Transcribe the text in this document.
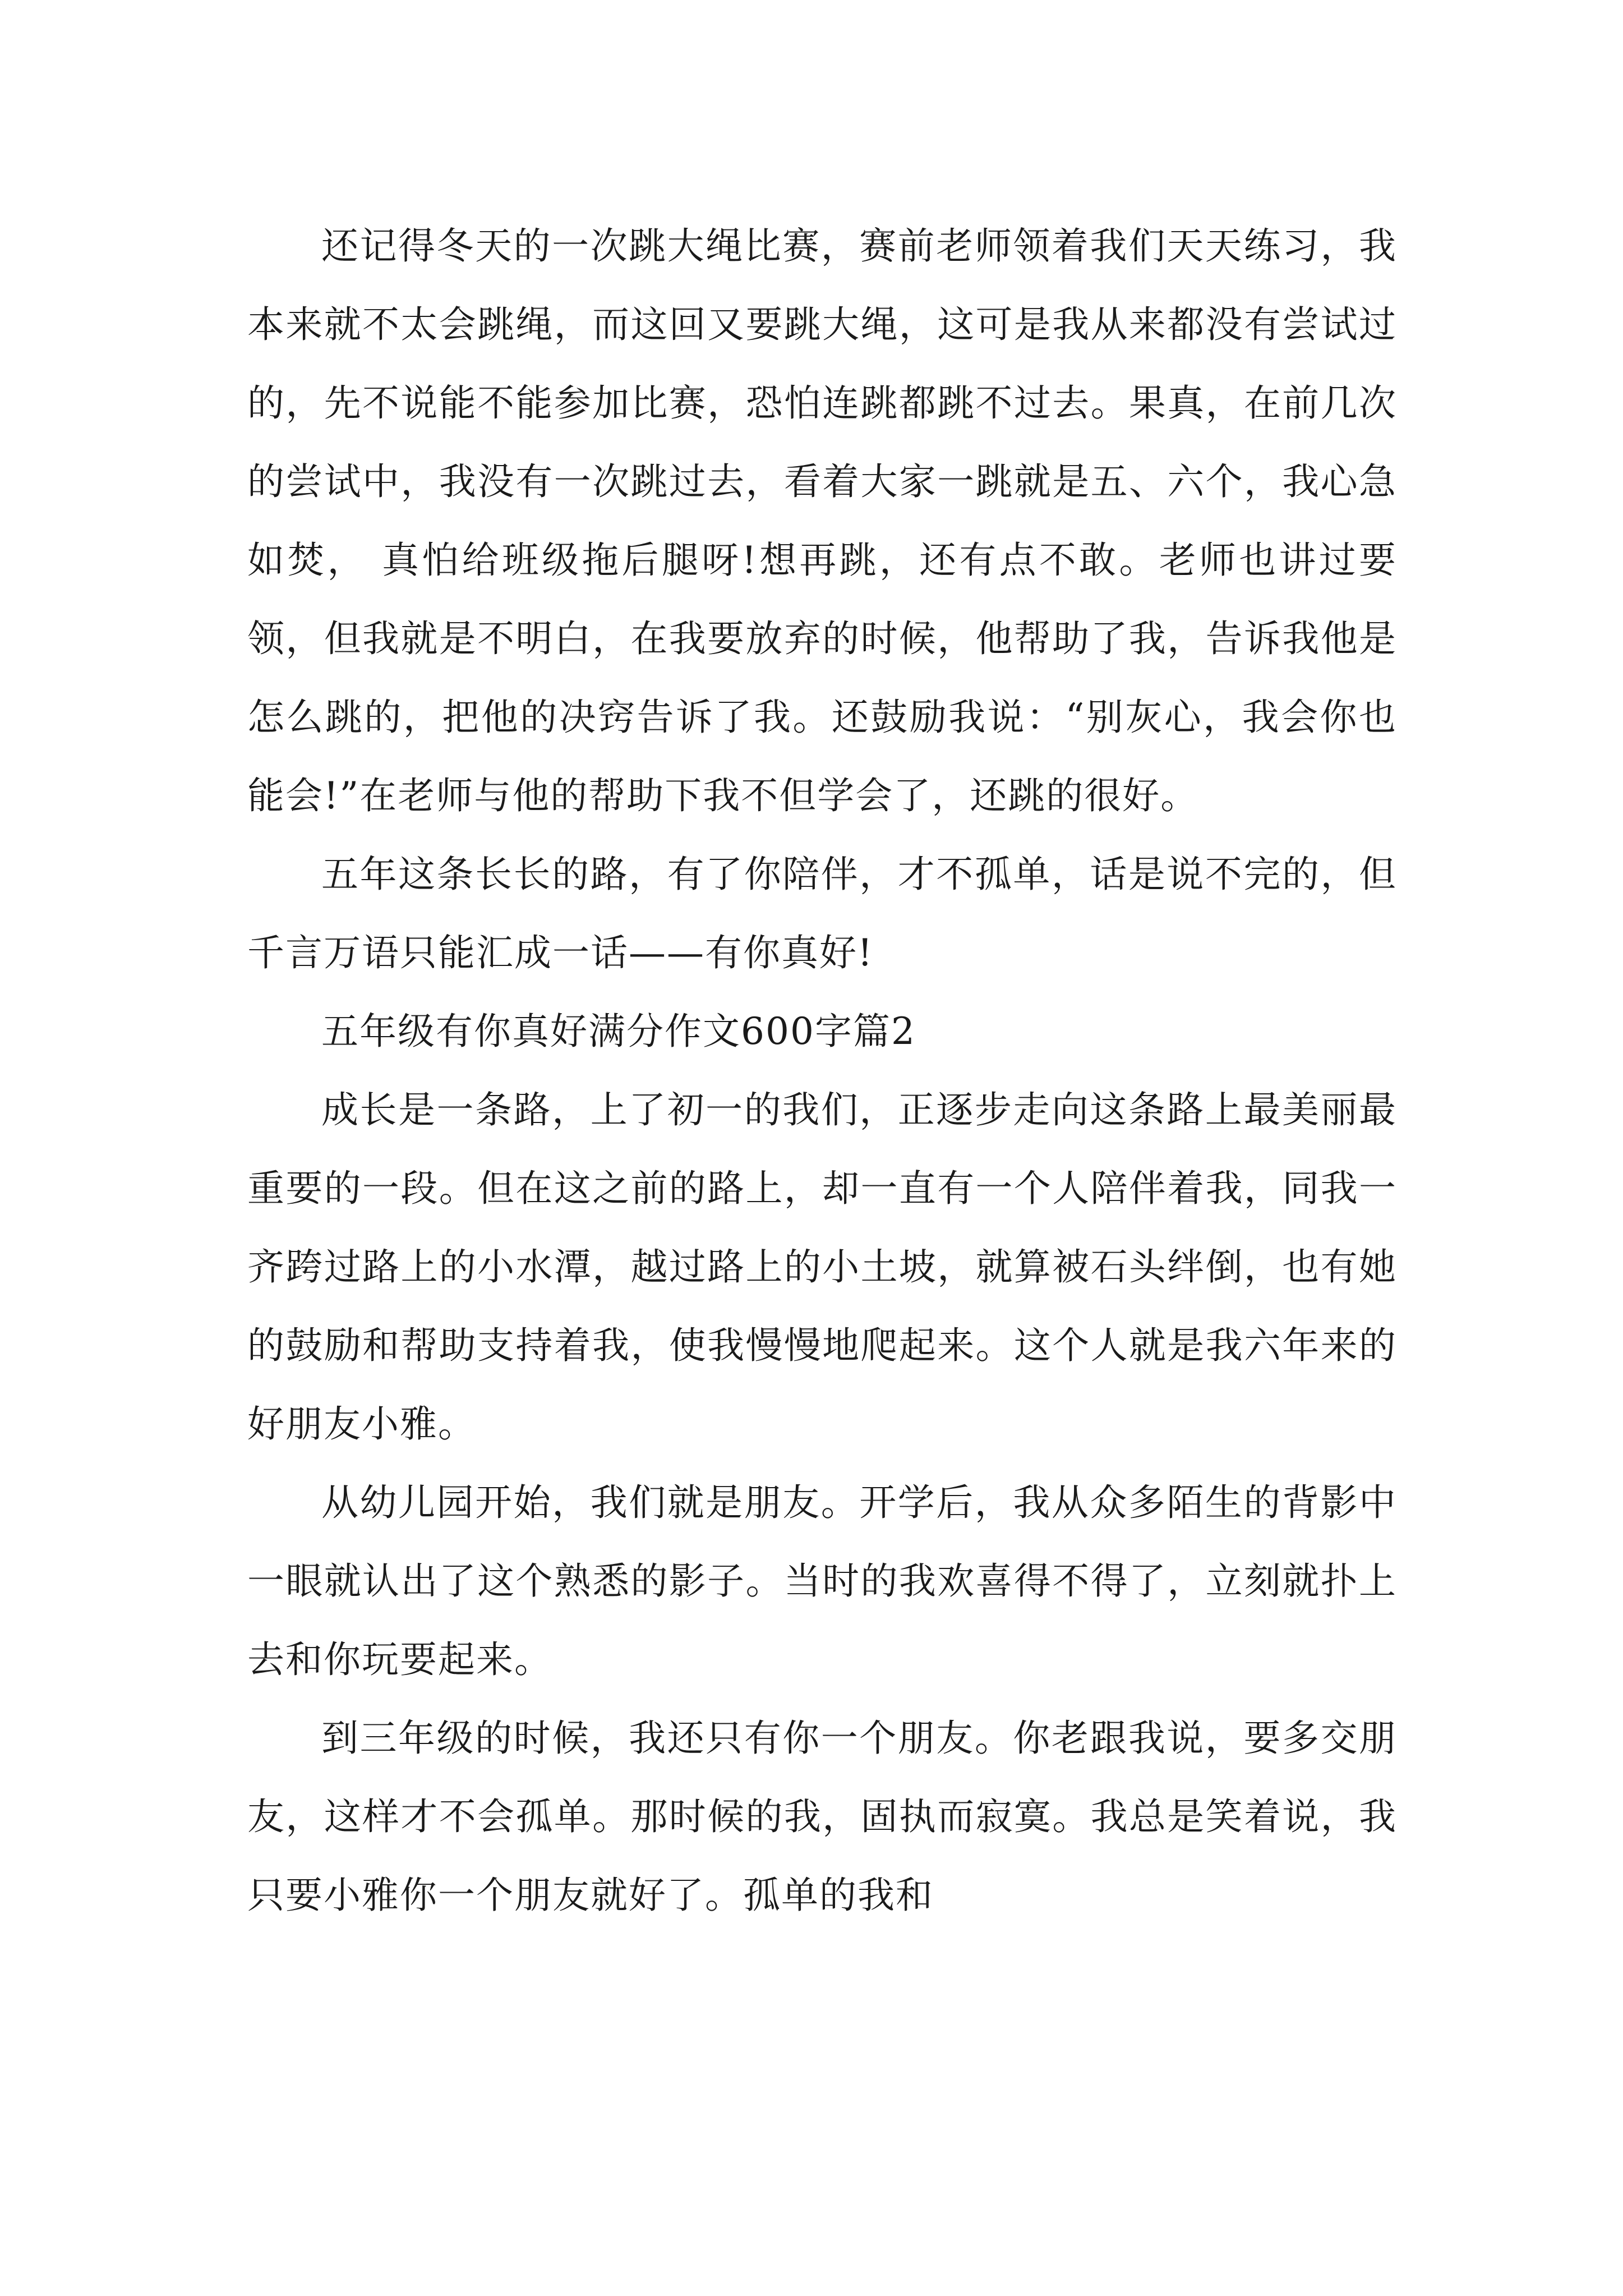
还记得冬天的一次跳大绳比赛，赛前老师领着我们天天练习，我本来就不太会跳绳，而这回又要跳大绳，这可是我从来都没有尝试过的，先不说能不能参加比赛，恐怕连跳都跳不过去。果真，在前几次的尝试中，我没有一次跳过去，看着大家一跳就是五、六个，我心急如焚， 真怕给班级拖后腿呀!想再跳，还有点不敢。老师也讲过要领，但我就是不明白，在我要放弃的时候，他帮助了我，告诉我他是怎么跳的，把他的决窍告诉了我。还鼓励我说：“别灰心，我会你也能会!”在老师与他的帮助下我不但学会了，还跳的很好。

五年这条长长的路，有了你陪伴，才不孤单，话是说不完的，但千言万语只能汇成一话——有你真好!

五年级有你真好满分作文600字篇2

成长是一条路，上了初一的我们，正逐步走向这条路上最美丽最重要的一段。但在这之前的路上，却一直有一个人陪伴着我，同我一齐跨过路上的小水潭，越过路上的小土坡，就算被石头绊倒，也有她的鼓励和帮助支持着我，使我慢慢地爬起来。这个人就是我六年来的好朋友小雅。

从幼儿园开始，我们就是朋友。开学后，我从众多陌生的背影中一眼就认出了这个熟悉的影子。当时的我欢喜得不得了，立刻就扑上去和你玩要起来。

到三年级的时候，我还只有你一个朋友。你老跟我说，要多交朋友，这样才不会孤单。那时候的我，固执而寂寞。我总是笑着说，我只要小雅你一个朋友就好了。孤单的我和
